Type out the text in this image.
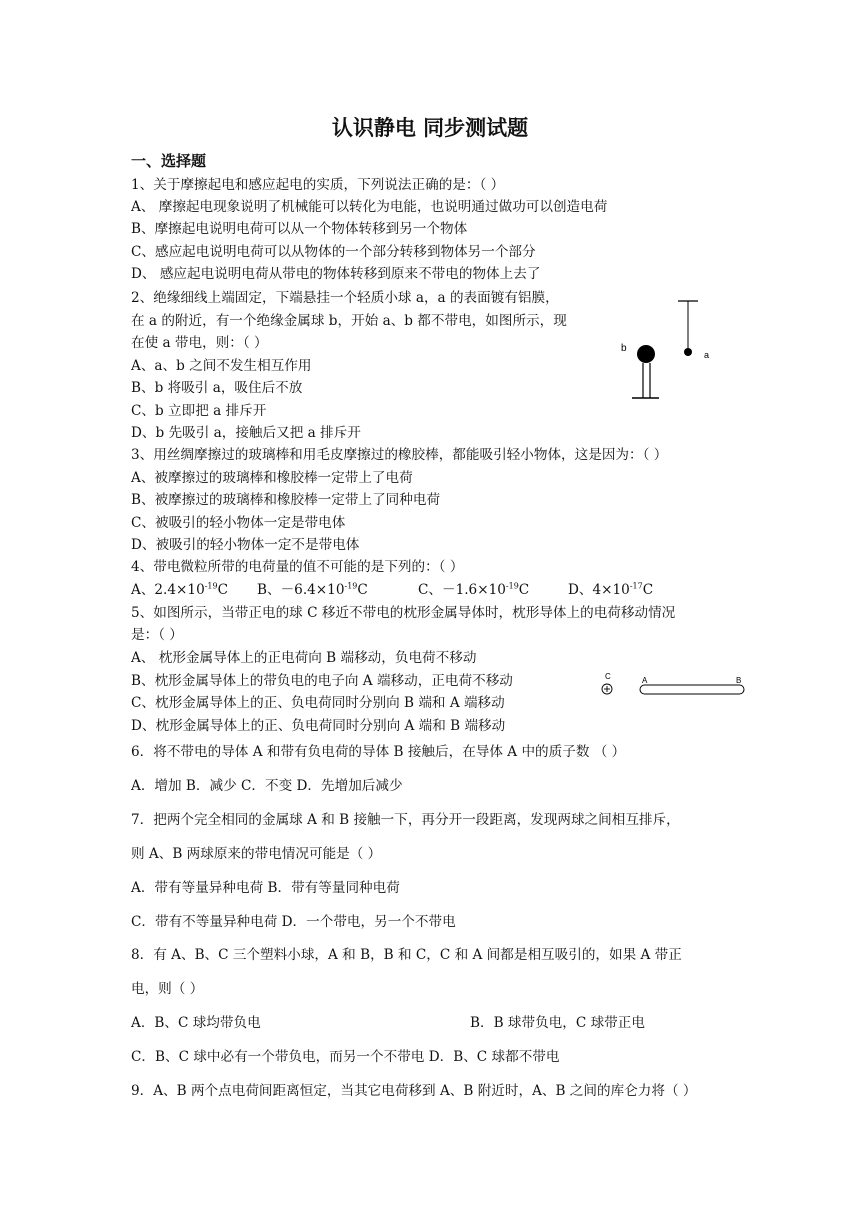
认识静电 同步测试题
一、选择题
1、关于摩擦起电和感应起电的实质，下列说法正确的是：（ ）
A、 摩擦起电现象说明了机械能可以转化为电能，也说明通过做功可以创造电荷
B、摩擦起电说明电荷可以从一个物体转移到另一个物体
C、感应起电说明电荷可以从物体的一个部分转移到物体另一个部分
D、 感应起电说明电荷从带电的物体转移到原来不带电的物体上去了
2、绝缘细线上端固定，下端悬挂一个轻质小球 a，a 的表面镀有铝膜，
在 a 的附近，有一个绝缘金属球 b，开始 a、b 都不带电，如图所示，现
在使 a 带电，则：（ ）
A、a、b 之间不发生相互作用
B、b 将吸引 a，吸住后不放
C、b 立即把 a 排斥开
D、b 先吸引 a，接触后又把 a 排斥开
b
a
3、用丝绸摩擦过的玻璃棒和用毛皮摩擦过的橡胶棒，都能吸引轻小物体，这是因为：（ ）
A、被摩擦过的玻璃棒和橡胶棒一定带上了电荷
B、被摩擦过的玻璃棒和橡胶棒一定带上了同种电荷
C、被吸引的轻小物体一定是带电体
D、被吸引的轻小物体一定不是带电体
4、带电微粒所带的电荷量的值不可能的是下列的：（ ）
A、$2.4\times 10^{-19}C$ B、$-6.4\times 10^{-19}C$	C、$-1.6\times 10^{-19}C$	D、$4\times 10^{-17}C$
5、如图所示，当带正电的球 C 移近不带电的枕形金属导体时，枕形导体上的电荷移动情况
是：（ ）
A、 枕形金属导体上的正电荷向 B 端移动，负电荷不移动
B、枕形金属导体上的带负电的电子向 A 端移动，正电荷不移动
C、枕形金属导体上的正、负电荷同时分别向 B 端和 A 端移动
D、枕形金属导体上的正、负电荷同时分别向 A 端和 B 端移动
C	A	B
6．将不带电的导体 A 和带有负电荷的导体 B 接触后，在导体 A 中的质子数 （ ）
A．增加 B．减少 C．不变 D．先增加后减少
7．把两个完全相同的金属球 A 和 B 接触一下，再分开一段距离，发现两球之间相互排斥，
则 A、B 两球原来的带电情况可能是（ ）
A．带有等量异种电荷 B．带有等量同种电荷
C．带有不等量异种电荷 D．一个带电，另一个不带电
8．有 A、B、C 三个塑料小球，A 和 B，B 和 C，C 和 A 间都是相互吸引的，如果 A 带正
电，则（ ）
A．B、C 球均带负电	B．B 球带负电，C 球带正电
C．B、C 球中必有一个带负电，而另一个不带电 D．B、C 球都不带电
9．A、B 两个点电荷间距离恒定，当其它电荷移到 A、B 附近时，A、B 之间的库仑力将（ ）
